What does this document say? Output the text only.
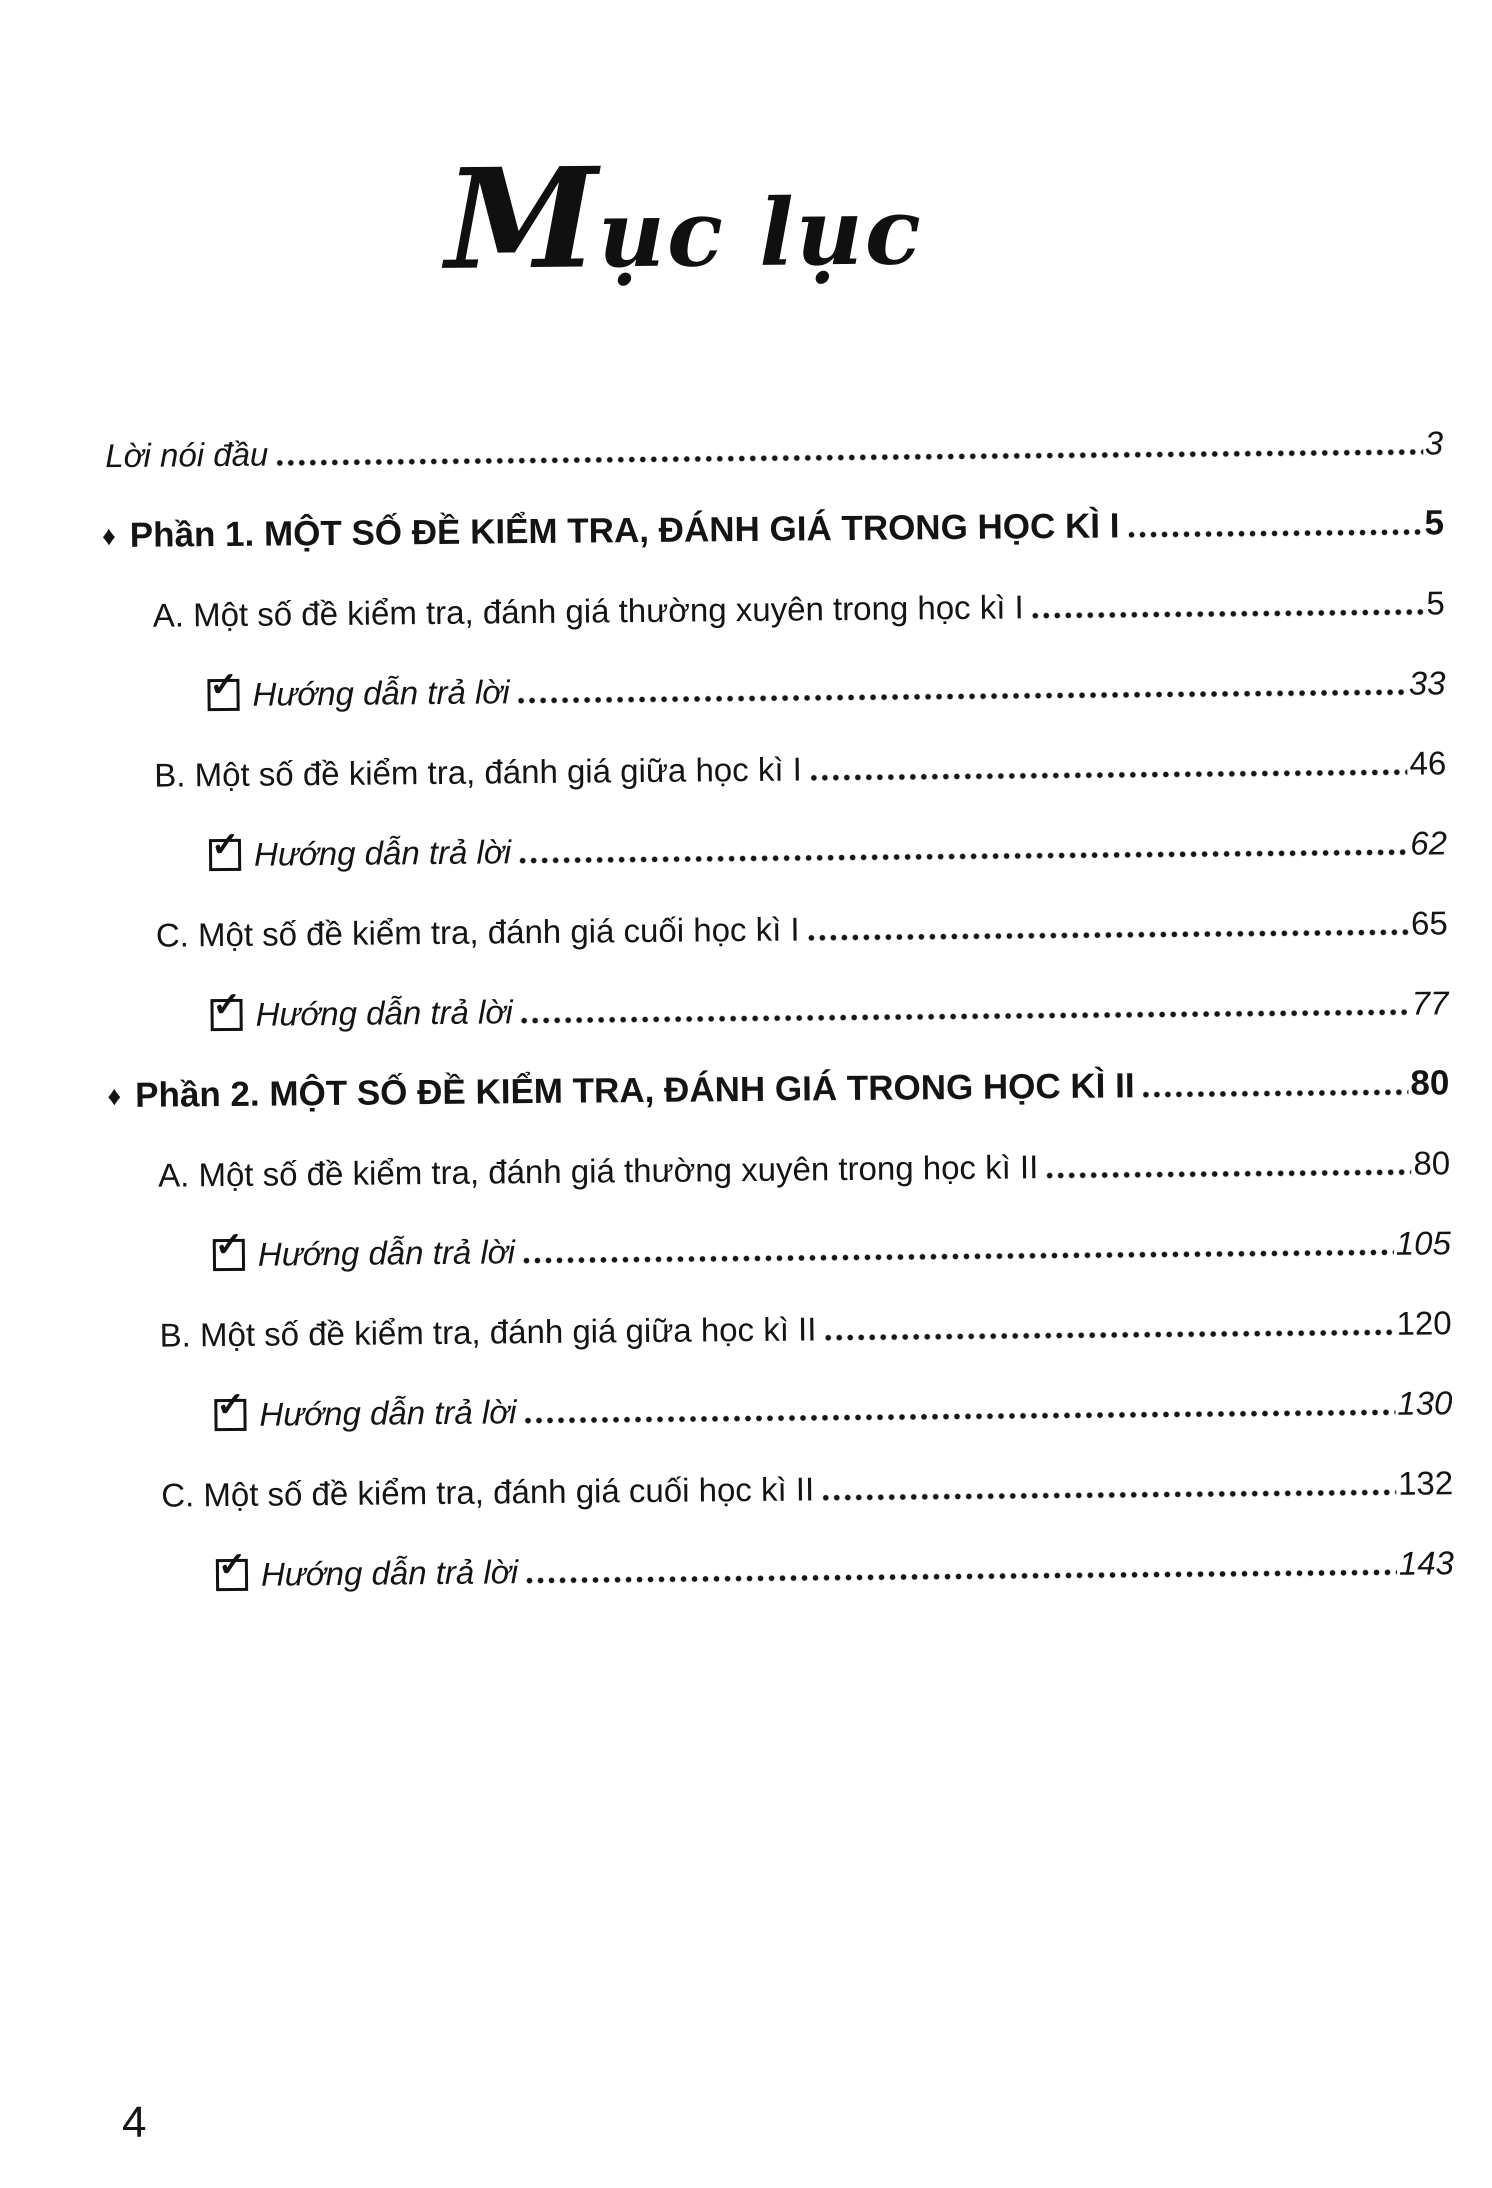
Mục lục
Lời nói đầu	3
♦ Phần 1. MỘT SỐ ĐỀ KIỂM TRA, ĐÁNH GIÁ TRONG HỌC KÌ I	5
A. Một số đề kiểm tra, đánh giá thường xuyên trong học kì I	5
✓ Hướng dẫn trả lời	33
B. Một số đề kiểm tra, đánh giá giữa học kì I	46
✓ Hướng dẫn trả lời	62
C. Một số đề kiểm tra, đánh giá cuối học kì I	65
✓ Hướng dẫn trả lời	77
♦ Phần 2. MỘT SỐ ĐỀ KIỂM TRA, ĐÁNH GIÁ TRONG HỌC KÌ II	80
A. Một số đề kiểm tra, đánh giá thường xuyên trong học kì II	80
✓ Hướng dẫn trả lời	105
B. Một số đề kiểm tra, đánh giá giữa học kì II	120
✓ Hướng dẫn trả lời	130
C. Một số đề kiểm tra, đánh giá cuối học kì II	132
✓ Hướng dẫn trả lời	143
4
